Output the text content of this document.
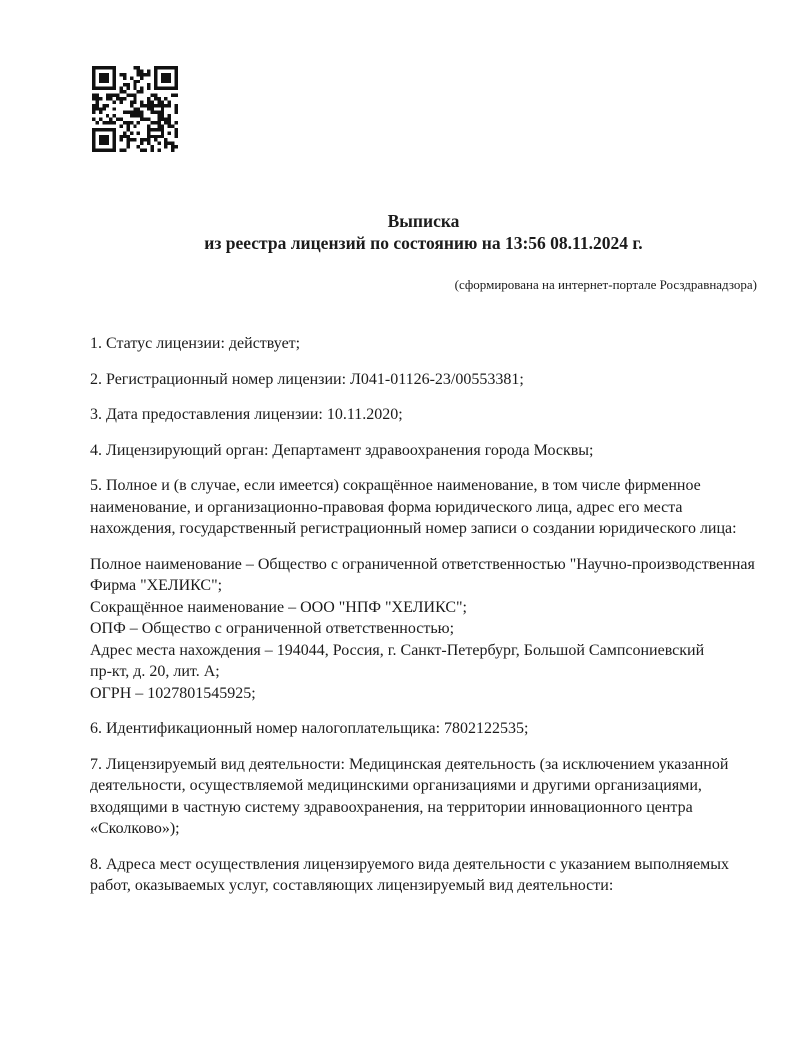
Выписка
из реестра лицензий по состоянию на 13:56 08.11.2024 г.
(сформирована на интернет-портале Росздравнадзора)
1. Статус лицензии: действует;
2. Регистрационный номер лицензии: Л041-01126-23/00553381;
3. Дата предоставления лицензии: 10.11.2020;
4. Лицензирующий орган: Департамент здравоохранения города Москвы;
5. Полное и (в случае, если имеется) сокращённое наименование, в том числе фирменное
наименование, и организационно-правовая форма юридического лица, адрес его места
нахождения, государственный регистрационный номер записи о создании юридического лица:
Полное наименование – Общество с ограниченной ответственностью "Научно-производственная
Фирма "ХЕЛИКС";
Сокращённое наименование – ООО "НПФ "ХЕЛИКС";
ОПФ – Общество с ограниченной ответственностью;
Адрес места нахождения – 194044, Россия, г. Санкт-Петербург, Большой Сампсониевский
пр-кт, д. 20, лит. А;
ОГРН – 1027801545925;
6. Идентификационный номер налогоплательщика: 7802122535;
7. Лицензируемый вид деятельности: Медицинская деятельность (за исключением указанной
деятельности, осуществляемой медицинскими организациями и другими организациями,
входящими в частную систему здравоохранения, на территории инновационного центра
«Сколково»);
8. Адреса мест осуществления лицензируемого вида деятельности с указанием выполняемых
работ, оказываемых услуг, составляющих лицензируемый вид деятельности:
